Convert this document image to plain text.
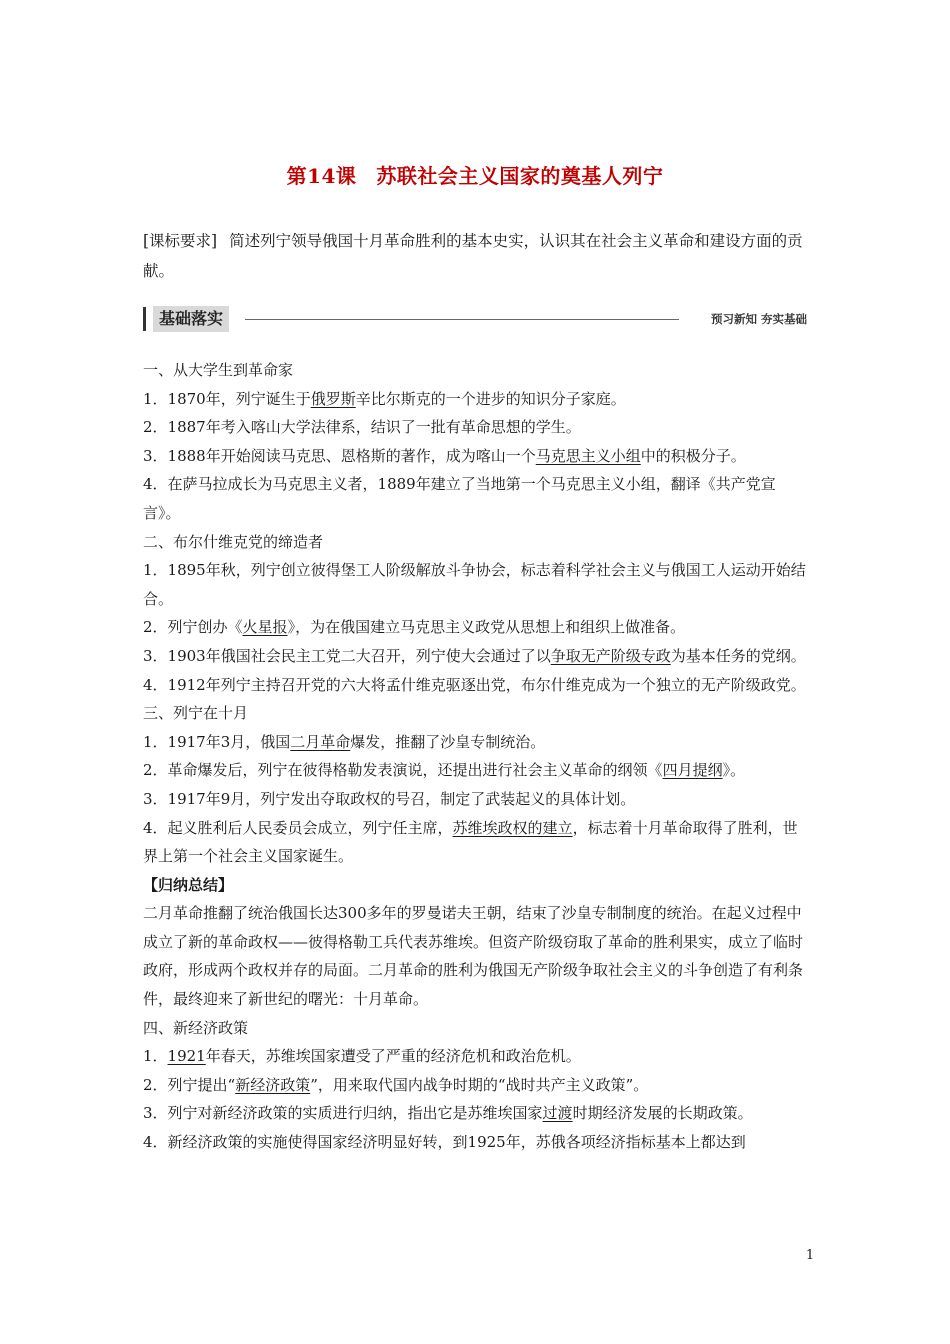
第14课 苏联社会主义国家的奠基人列宁
[课标要求] 简述列宁领导俄国十月革命胜利的基本史实，认识其在社会主义革命和建设方面的贡献。
基础落实	预习新知 夯实基础

一、从大学生到革命家

1．1870年，列宁诞生于俄罗斯辛比尔斯克的一个进步的知识分子家庭。

2．1887年考入喀山大学法律系，结识了一批有革命思想的学生。

3．1888年开始阅读马克思、恩格斯的著作，成为喀山一个马克思主义小组中的积极分子。

4．在萨马拉成长为马克思主义者，1889年建立了当地第一个马克思主义小组，翻译《共产党宣言》。

二、布尔什维克党的缔造者

1．1895年秋，列宁创立彼得堡工人阶级解放斗争协会，标志着科学社会主义与俄国工人运动开始结合。

2．列宁创办《火星报》，为在俄国建立马克思主义政党从思想上和组织上做准备。

3．1903年俄国社会民主工党二大召开，列宁使大会通过了以争取无产阶级专政为基本任务的党纲。

4．1912年列宁主持召开党的六大将孟什维克驱逐出党，布尔什维克成为一个独立的无产阶级政党。

三、列宁在十月

1．1917年3月，俄国二月革命爆发，推翻了沙皇专制统治。

2．革命爆发后，列宁在彼得格勒发表演说，还提出进行社会主义革命的纲领《四月提纲》。

3．1917年9月，列宁发出夺取政权的号召，制定了武装起义的具体计划。

4．起义胜利后人民委员会成立，列宁任主席，苏维埃政权的建立，标志着十月革命取得了胜利，世界上第一个社会主义国家诞生。

【归纳总结】

二月革命推翻了统治俄国长达300多年的罗曼诺夫王朝，结束了沙皇专制制度的统治。在起义过程中成立了新的革命政权——彼得格勒工兵代表苏维埃。但资产阶级窃取了革命的胜利果实，成立了临时政府，形成两个政权并存的局面。二月革命的胜利为俄国无产阶级争取社会主义的斗争创造了有利条件，最终迎来了新世纪的曙光：十月革命。

四、新经济政策

1．1921年春天，苏维埃国家遭受了严重的经济危机和政治危机。

2．列宁提出“新经济政策”，用来取代国内战争时期的“战时共产主义政策”。

3．列宁对新经济政策的实质进行归纳，指出它是苏维埃国家过渡时期经济发展的长期政策。

4．新经济政策的实施使得国家经济明显好转，到1925年，苏俄各项经济指标基本上都达到

1
